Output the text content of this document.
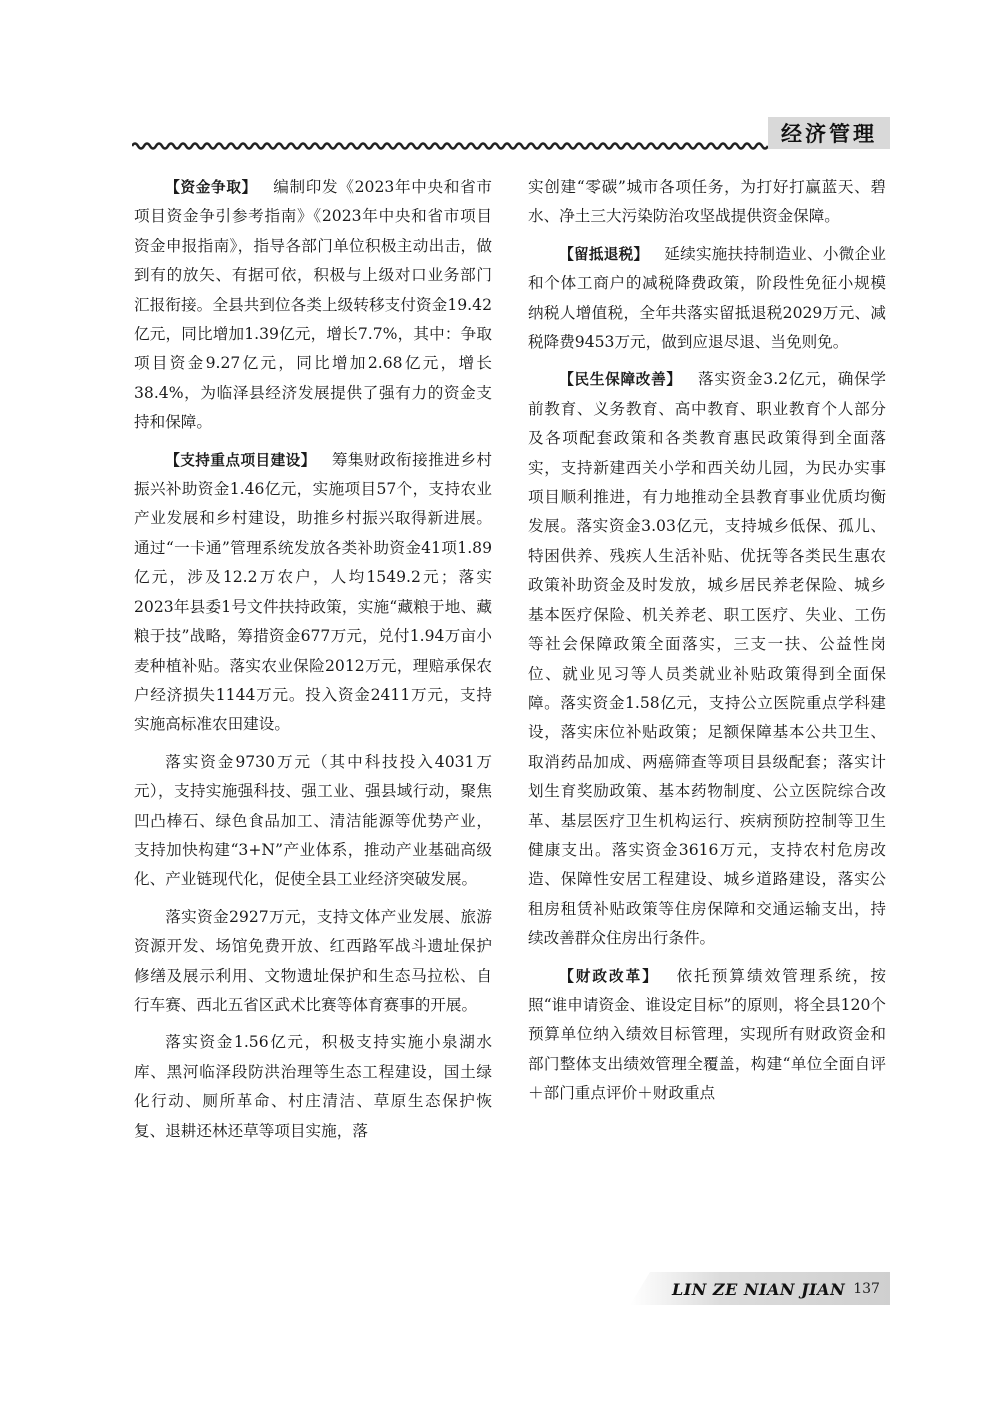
经济管理

【资金争取】  编制印发《2023年中央和省市项目资金争引参考指南》《2023年中央和省市项目资金申报指南》，指导各部门单位积极主动出击，做到有的放矢、有据可依，积极与上级对口业务部门汇报衔接。全县共到位各类上级转移支付资金19.42亿元，同比增加1.39亿元，增长7.7%，其中：争取项目资金9.27亿元，同比增加2.68亿元，增长38.4%，为临泽县经济发展提供了强有力的资金支持和保障。

【支持重点项目建设】  筹集财政衔接推进乡村振兴补助资金1.46亿元，实施项目57个，支持农业产业发展和乡村建设，助推乡村振兴取得新进展。通过“一卡通”管理系统发放各类补助资金41项1.89亿元，涉及12.2万农户，人均1549.2元；落实2023年县委1号文件扶持政策，实施“藏粮于地、藏粮于技”战略，筹措资金677万元，兑付1.94万亩小麦种植补贴。落实农业保险2012万元，理赔承保农户经济损失1144万元。投入资金2411万元，支持实施高标准农田建设。

落实资金9730万元（其中科技投入4031万元），支持实施强科技、强工业、强县域行动，聚焦凹凸棒石、绿色食品加工、清洁能源等优势产业，支持加快构建“3+N”产业体系，推动产业基础高级化、产业链现代化，促使全县工业经济突破发展。

落实资金2927万元，支持文体产业发展、旅游资源开发、场馆免费开放、红西路军战斗遗址保护修缮及展示利用、文物遗址保护和生态马拉松、自行车赛、西北五省区武术比赛等体育赛事的开展。

落实资金1.56亿元，积极支持实施小泉湖水库、黑河临泽段防洪治理等生态工程建设，国土绿化行动、厕所革命、村庄清洁、草原生态保护恢复、退耕还林还草等项目实施，落

实创建“零碳”城市各项任务，为打好打赢蓝天、碧水、净土三大污染防治攻坚战提供资金保障。

【留抵退税】  延续实施扶持制造业、小微企业和个体工商户的减税降费政策，阶段性免征小规模纳税人增值税，全年共落实留抵退税2029万元、减税降费9453万元，做到应退尽退、当免则免。

【民生保障改善】  落实资金3.2亿元，确保学前教育、义务教育、高中教育、职业教育个人部分及各项配套政策和各类教育惠民政策得到全面落实，支持新建西关小学和西关幼儿园，为民办实事项目顺利推进，有力地推动全县教育事业优质均衡发展。落实资金3.03亿元，支持城乡低保、孤儿、特困供养、残疾人生活补贴、优抚等各类民生惠农政策补助资金及时发放，城乡居民养老保险、城乡基本医疗保险、机关养老、职工医疗、失业、工伤等社会保障政策全面落实，三支一扶、公益性岗位、就业见习等人员类就业补贴政策得到全面保障。落实资金1.58亿元，支持公立医院重点学科建设，落实床位补贴政策；足额保障基本公共卫生、取消药品加成、两癌筛查等项目县级配套；落实计划生育奖励政策、基本药物制度、公立医院综合改革、基层医疗卫生机构运行、疾病预防控制等卫生健康支出。落实资金3616万元，支持农村危房改造、保障性安居工程建设、城乡道路建设，落实公租房租赁补贴政策等住房保障和交通运输支出，持续改善群众住房出行条件。

【财政改革】  依托预算绩效管理系统，按照“谁申请资金、谁设定目标”的原则，将全县120个预算单位纳入绩效目标管理，实现所有财政资金和部门整体支出绩效管理全覆盖，构建“单位全面自评＋部门重点评价＋财政重点

LIN ZE NIAN JIAN 137
